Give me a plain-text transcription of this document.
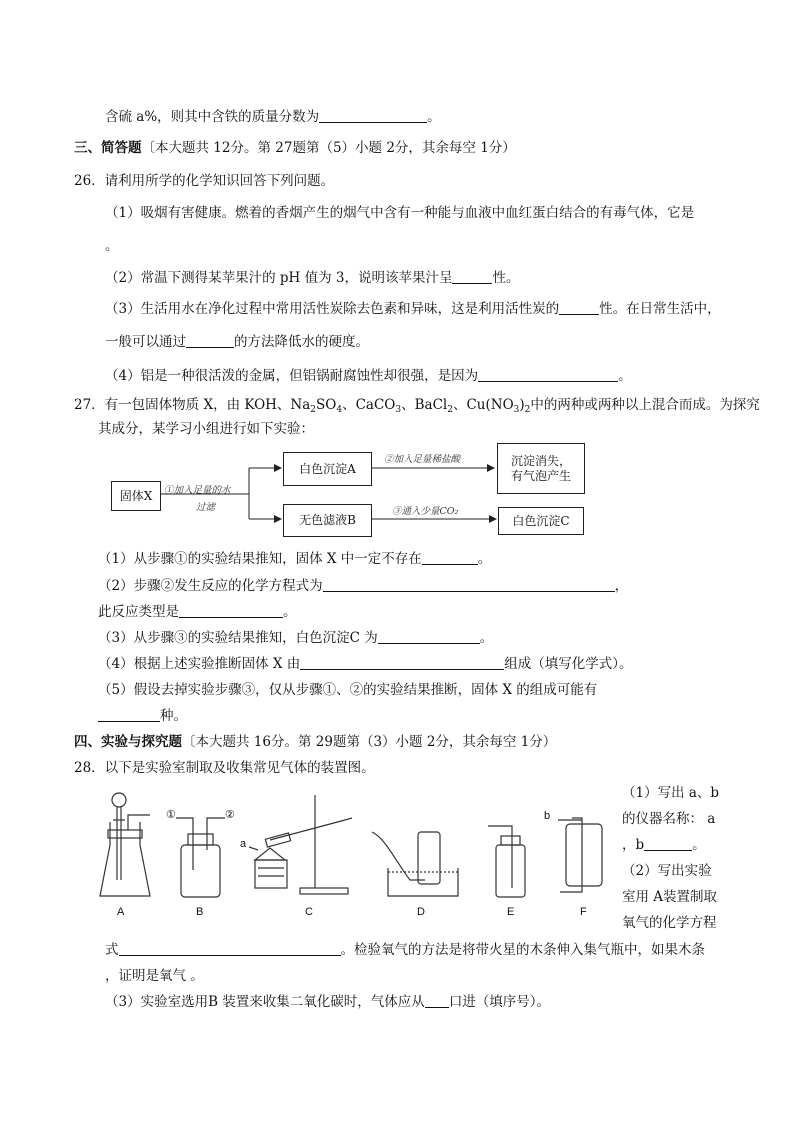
含硫 a%，则其中含铁的质量分数为	。
三、简答题〔本大题共 12分。第 27题第（5）小题 2分，其余每空 1分）
26．请利用所学的化学知识回答下列问题。
（1）吸烟有害健康。燃着的香烟产生的烟气中含有一种能与血液中血红蛋白结合的有毒气体，它是
。
（2）常温下测得某苹果汁的 pH 值为 3，说明该苹果汁呈	性。
（3）生活用水在净化过程中常用活性炭除去色素和异味，这是利用活性炭的	性。在日常生活中，
一般可以通过	的方法降低水的硬度。
（4）铝是一种很活泼的金属，但铝锅耐腐蚀性却很强，是因为	。
27．有一包固体物质 X，由 KOH、$Na_2SO_4$、CaCO$_3$、BaCl$_2$、$Cu(NO_3)_2$中的两种或两种以上混合而成。为探究
其成分，某学习小组进行如下实验：
固体X	①加入足量的水
过滤
白色沉淀A
②加入足量稀盐酸	沉淀消失，
有气泡产生
无色滤液B
③通入少量CO₂
白色沉淀C
（1）从步骤①的实验结果推知，固体 X 中一定不存在	。
（2）步骤②发生反应的化学方程式为	，
此反应类型是	。
（3）从步骤③的实验结果推知，白色沉淀C 为	。
（4）根据上述实验推断固体 X 由	组成（填写化学式）。
（5）假设去掉实验步骤③，仅从步骤①、②的实验结果推断，固体 X 的组成可能有
种。
四、实验与探究题〔本大题共 16分。第 29题第（3）小题 2分，其余每空 1分）
28．以下是实验室制取及收集常见气体的装置图。
A	B	C	D	E	F
①	②
a
b
（1）写出 a、b
的仪器名称： a
，b	。
（2）写出实验
室用 A装置制取
氧气的化学方程
式	。检验氧气的方法是将带火星的木条伸入集气瓶中，如果木条
，证明是氧气 。
（3）实验室选用B 装置来收集二氧化碳时，气体应从 口进（填序号）。
